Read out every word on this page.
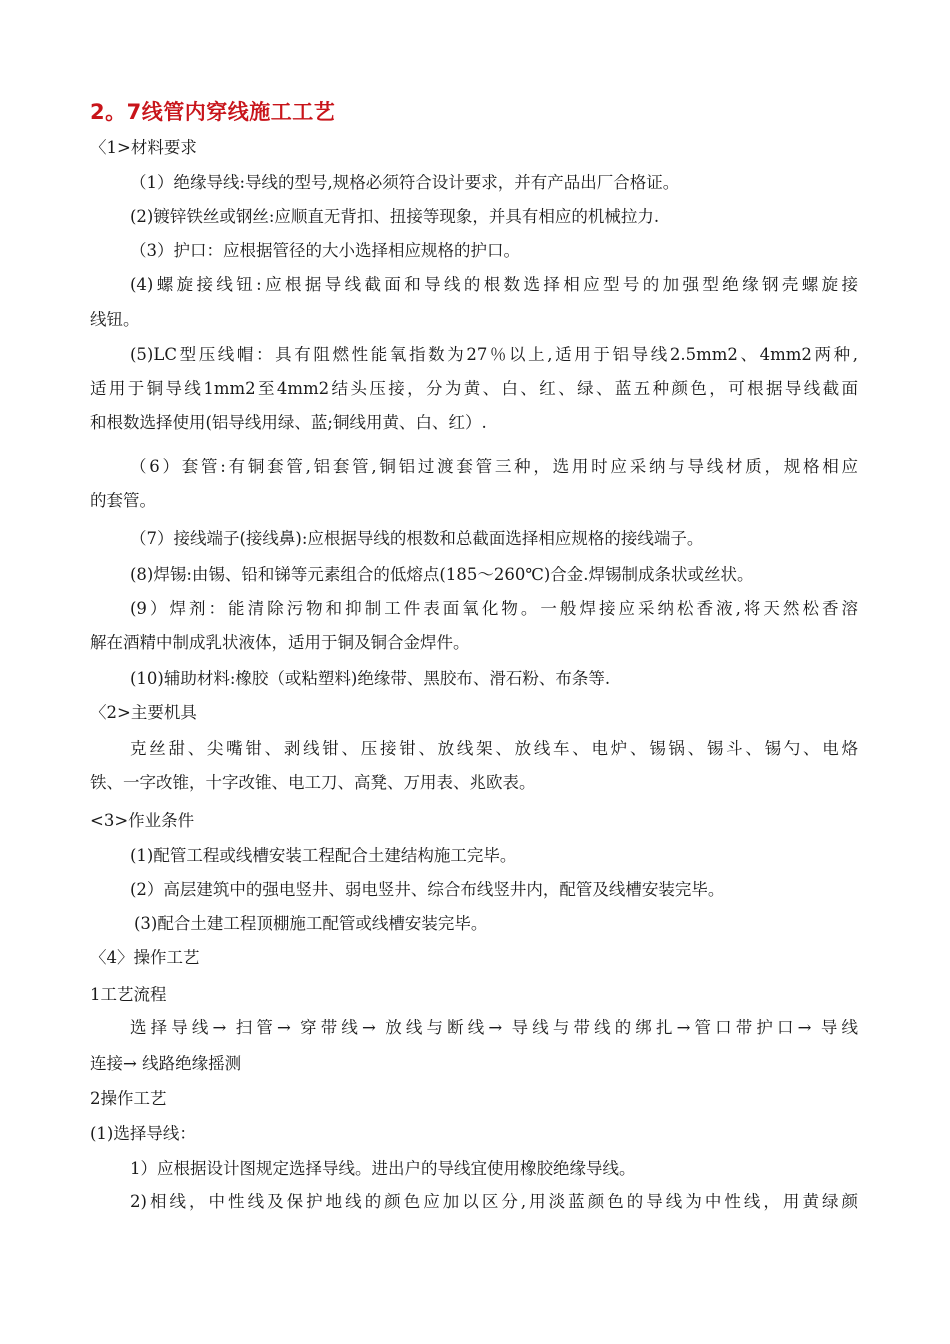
2。7线管内穿线施工工艺
〈1>材料要求
（1）绝缘导线:导线的型号,规格必须符合设计要求，并有产品出厂合格证。
(2)镀锌铁丝或钢丝:应顺直无背扣、扭接等现象，并具有相应的机械拉力.
（3）护口：应根据管径的大小选择相应规格的护口。
(4)螺旋接线钮:应根据导线截面和导线的根数选择相应型号的加强型绝缘钢壳螺旋接
线钮。
(5)LC型压线帽：具有阻燃性能氧指数为27％以上,适用于铝导线2.5mm2、4mm2两种,
适用于铜导线1mm2至4mm2结头压接，分为黄、白、红、绿、蓝五种颜色，可根据导线截面
和根数选择使用(铝导线用绿、蓝;铜线用黄、白、红）.
（6）套管:有铜套管,铝套管,铜铝过渡套管三种，选用时应采纳与导线材质，规格相应
的套管。
（7）接线端子(接线鼻):应根据导线的根数和总截面选择相应规格的接线端子。
(8)焊锡:由锡、铅和锑等元素组合的低熔点(185～260℃)合金.焊锡制成条状或丝状。
(9）焊剂：能清除污物和抑制工件表面氧化物。一般焊接应采纳松香液,将天然松香溶
解在酒精中制成乳状液体，适用于铜及铜合金焊件。
(10)辅助材料:橡胶（或粘塑料)绝缘带、黑胶布、滑石粉、布条等.
〈2>主要机具
克丝甜、尖嘴钳、剥线钳、压接钳、放线架、放线车、电炉、锡锅、锡斗、锡勺、电烙
铁、一字改锥，十字改锥、电工刀、高凳、万用表、兆欧表。
<3>作业条件
(1)配管工程或线槽安装工程配合土建结构施工完毕。
(2）高层建筑中的强电竖井、弱电竖井、综合布线竖井内，配管及线槽安装完毕。
(3)配合土建工程顶棚施工配管或线槽安装完毕。
〈4〉操作工艺
1工艺流程
选择导线→ 扫管→ 穿带线→ 放线与断线→ 导线与带线的绑扎→管口带护口→ 导线
连接→ 线路绝缘摇测
2操作工艺
(1)选择导线：
1）应根据设计图规定选择导线。进出户的导线宜使用橡胶绝缘导线。
2)相线，中性线及保护地线的颜色应加以区分,用淡蓝颜色的导线为中性线，用黄绿颜
